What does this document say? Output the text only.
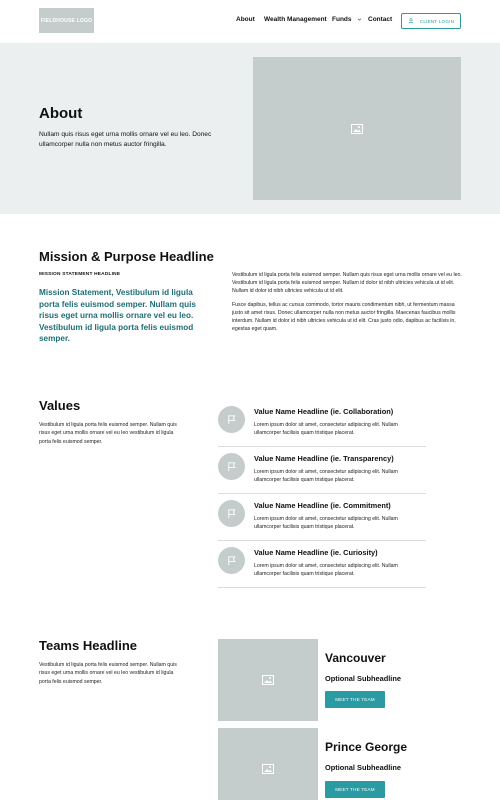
FIELDHOUSE LOGO	About Wealth Management Funds	Contact	CLIENT LOGIN
About
Nullam quis risus eget urna mollis ornare vel eu leo. Donec ullamcorper nulla non metus auctor fringilla.
Mission & Purpose Headline
MISSION STATEMENT HEADLINE
Mission Statement, Vestibulum id ligula porta felis euismod semper. Nullam quis risus eget urna mollis ornare vel eu leo. Vestibulum id ligula porta felis euismod semper.

Vestibulum id ligula porta felis euismod semper. Nullam quis risus eget urna mollis ornare vel eu leo. Vestibulum id ligula porta felis euismod semper. Nullam id dolor id nibh ultricies vehicula ut id elit. Nullam id dolor id nibh ultricies vehicula ut id elit.

Fusce dapibus, tellus ac cursus commodo, tortor mauris condimentum nibh, ut fermentum massa justo sit amet risus. Donec ullamcorper nulla non metus auctor fringilla. Maecenas faucibus mollis interdum. Nullam id dolor id nibh ultricies vehicula ut id elit. Cras justo odio, dapibus ac facilisis in, egestas eget quam.

Values
Vestibulum id ligula porta felis euismod semper. Nullam quis risus eget urna mollis ornare vel eu leo vestibulum id ligula porta felis euismod semper.
Value Name Headline (ie. Collaboration)
Lorem ipsum dolor sit amet, consectetur adipiscing elit. Nullam ullamcorper facilisis quam tristique placerat.
Value Name Headline (ie. Transparency)
Lorem ipsum dolor sit amet, consectetur adipiscing elit. Nullam ullamcorper facilisis quam tristique placerat.
Value Name Headline (ie. Commitment)
Lorem ipsum dolor sit amet, consectetur adipiscing elit. Nullam ullamcorper facilisis quam tristique placerat.
Value Name Headline (ie. Curiosity)
Lorem ipsum dolor sit amet, consectetur adipiscing elit. Nullam ullamcorper facilisis quam tristique placerat.
Teams Headline
Vestibulum id ligula porta felis euismod semper. Nullam quis risus eget urna mollis ornare vel eu leo vestibulum id ligula porta felis euismod semper.
Vancouver
Optional Subheadline
MEET THE TEAM
Prince George
Optional Subheadline
MEET THE TEAM
